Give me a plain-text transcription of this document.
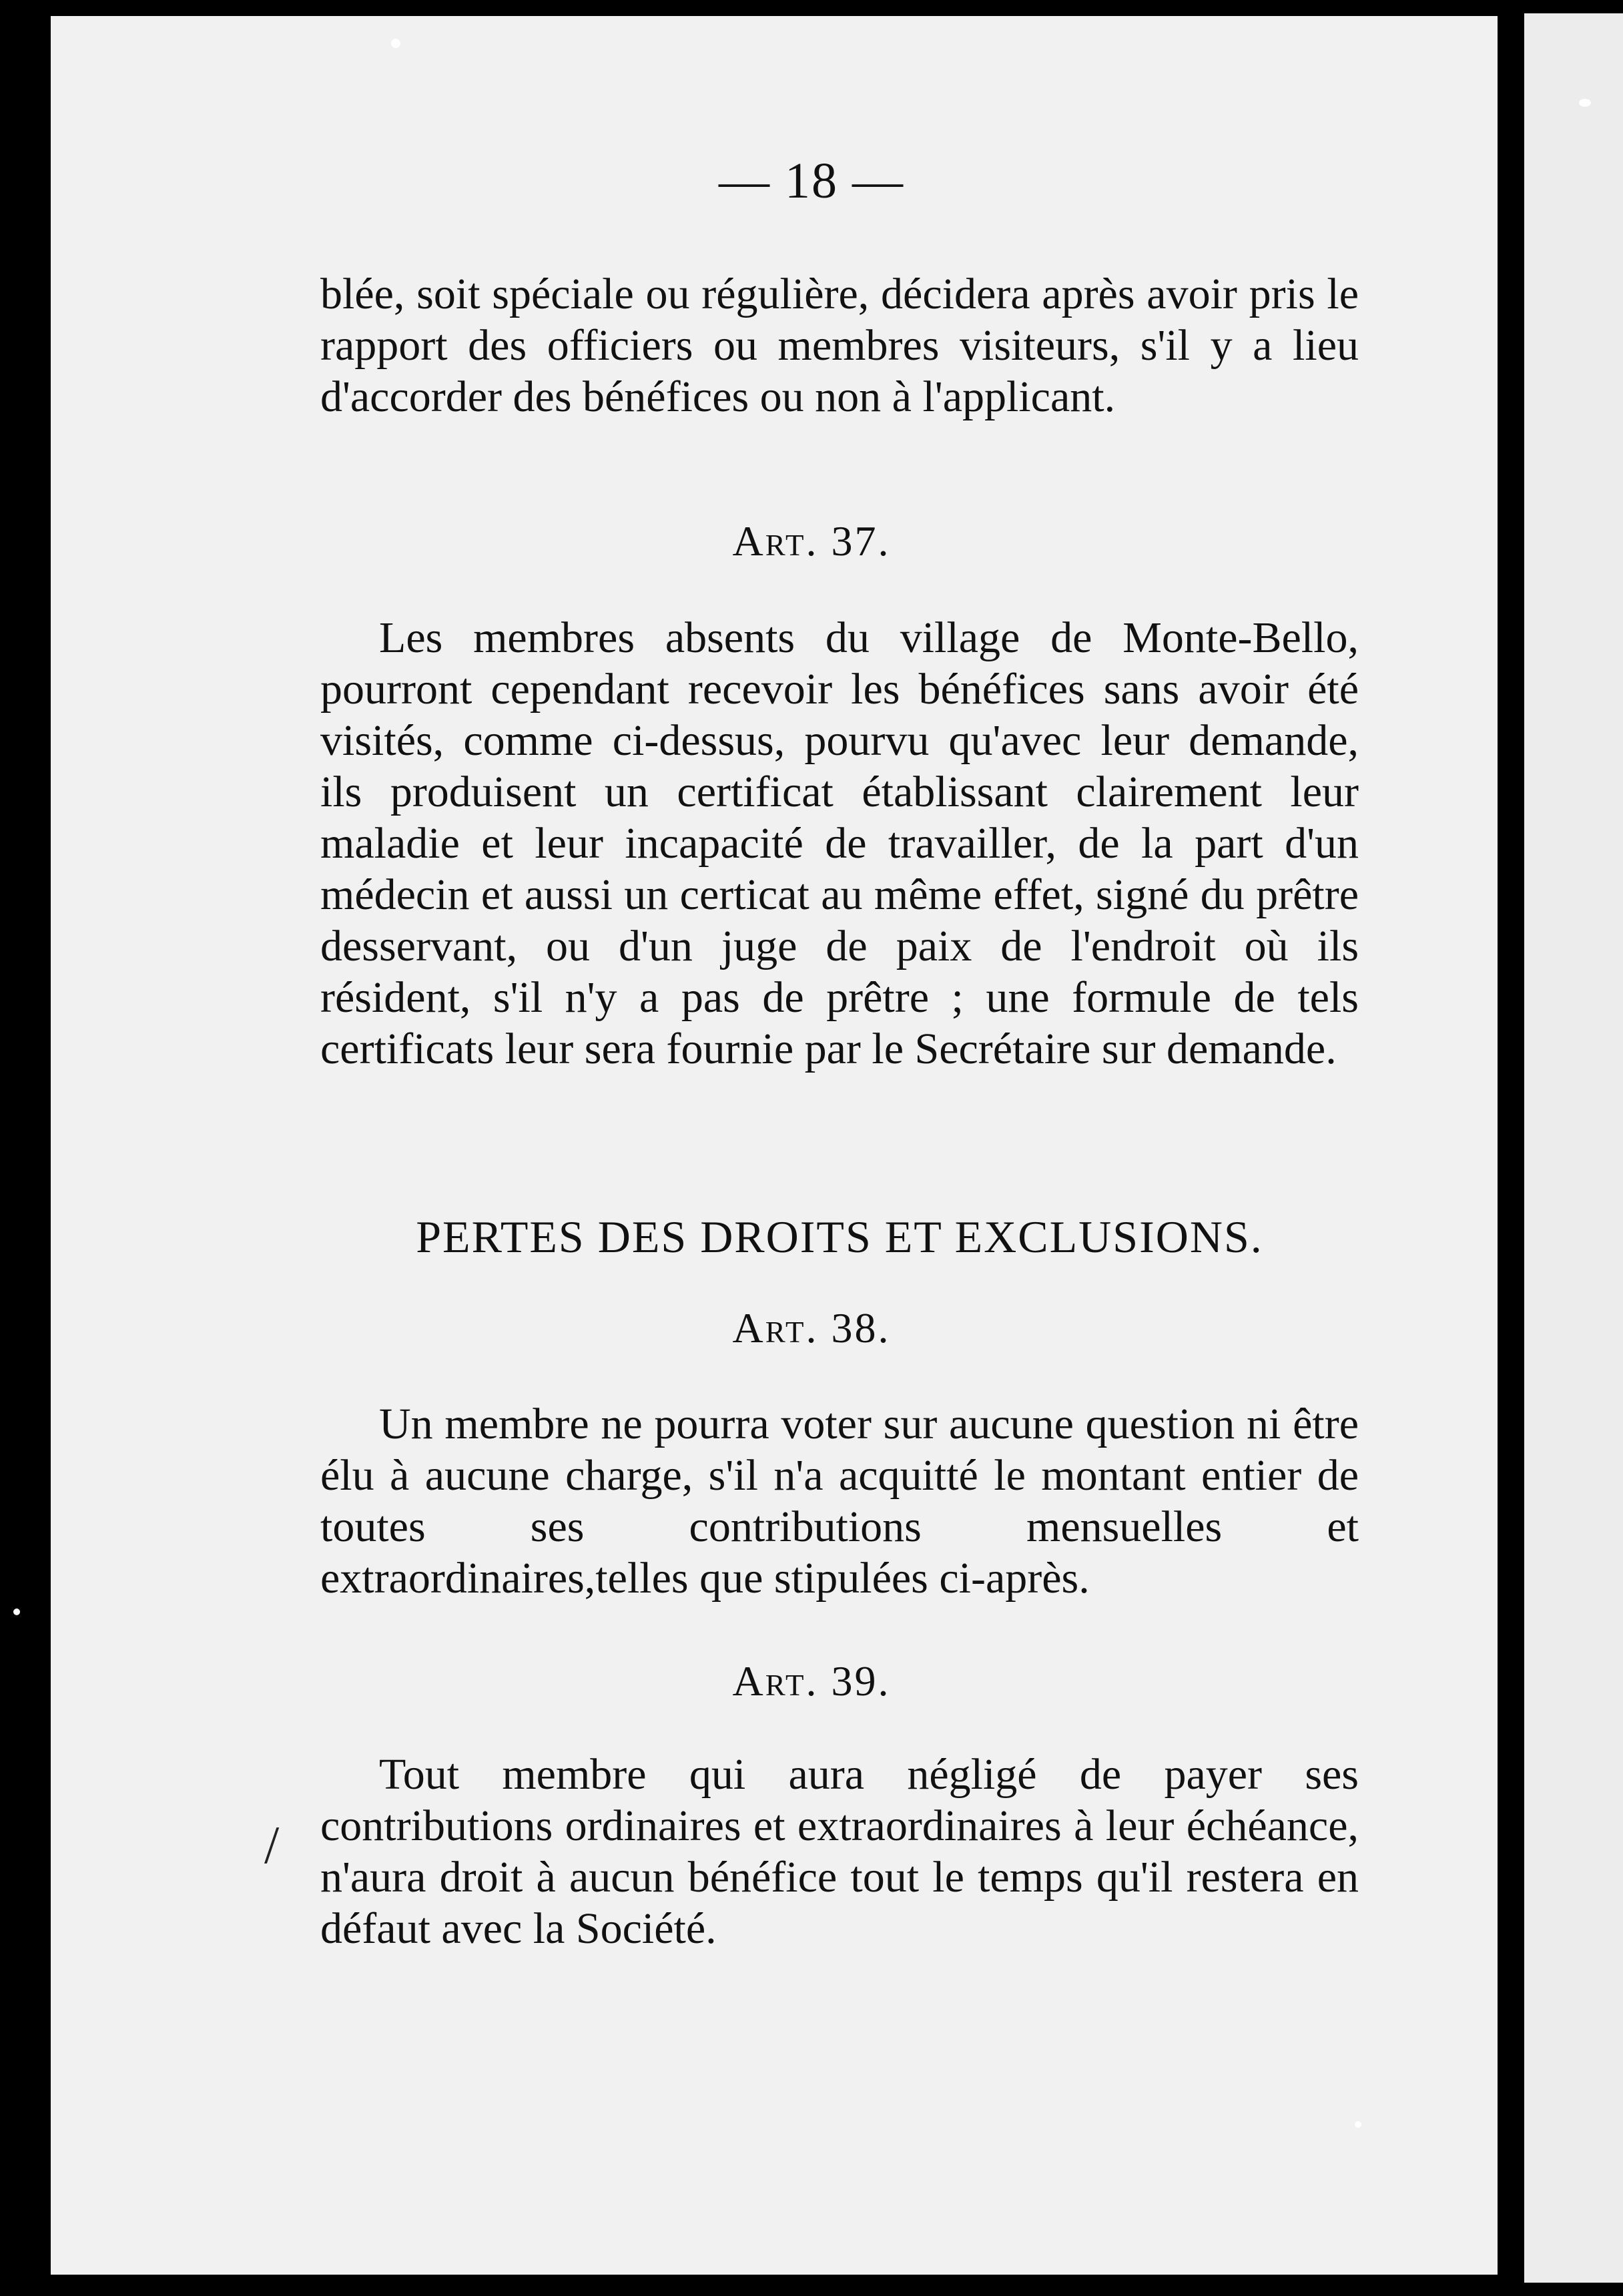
— 18 —

blée, soit spéciale ou régulière, décidera après avoir pris le rapport des officiers ou membres visiteurs, s'il y a lieu d'accorder des bénéfices ou non à l'applicant.

Art. 37.

Les membres absents du village de Monte-Bello, pourront cependant recevoir les bénéfices sans avoir été visités, comme ci-dessus, pourvu qu'avec leur demande, ils produisent un certificat établissant clairement leur maladie et leur incapacité de travailler, de la part d'un médecin et aussi un certicat au même effet, signé du prêtre desservant, ou d'un juge de paix de l'endroit où ils résident, s'il n'y a pas de prêtre ; une formule de tels certificats leur sera fournie par le Secrétaire sur demande.

PERTES DES DROITS ET EXCLUSIONS.
Art. 38.

Un membre ne pourra voter sur aucune question ni être élu à aucune charge, s'il n'a acquitté le montant entier de toutes ses contributions mensuelles et extraordinaires,telles que stipulées ci-après.

Art. 39.

Tout membre qui aura négligé de payer ses contributions ordinaires et extraordinaires à leur échéance, n'aura droit à aucun bénéfice tout le temps qu'il restera en défaut avec la Société.

/
